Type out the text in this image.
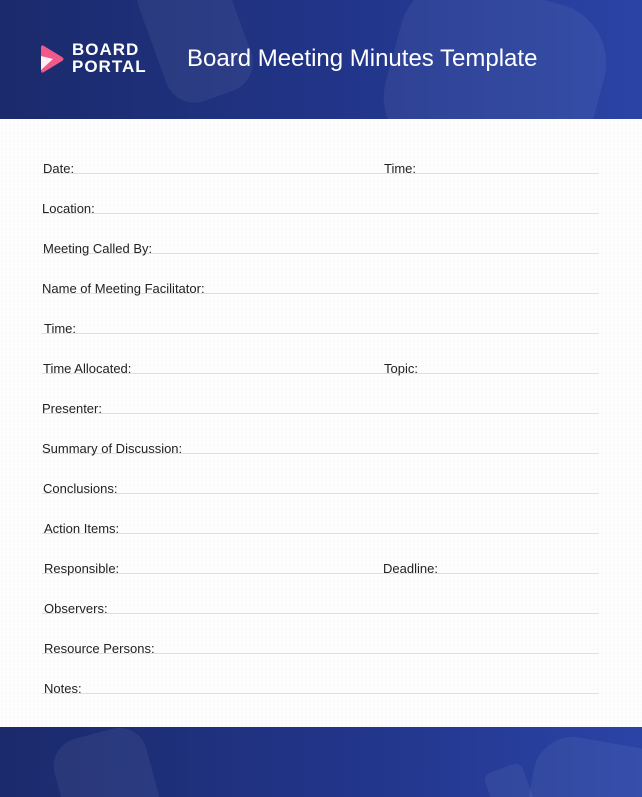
BOARD
PORTAL Board Meeting Minutes Template
Date:	Time:
Location:
Meeting Called By:
Name of Meeting Facilitator:
Time:
Time Allocated:	Topic:
Presenter:
Summary of Discussion:
Conclusions:
Action Items:
Responsible:	Deadline:
Observers:
Resource Persons:
Notes:
